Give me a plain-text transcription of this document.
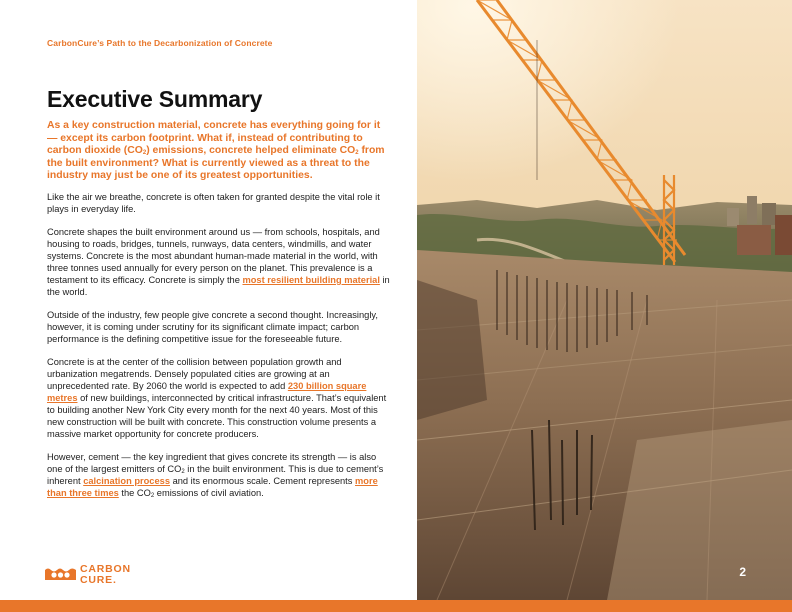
CarbonCure’s Path to the Decarbonization of Concrete
Executive Summary

As a key construction material, concrete has everything going for it — except its carbon footprint. What if, instead of contributing to carbon dioxide $(CO_2)$ emissions, concrete helped eliminate $CO_2$ from the built environment? What is currently viewed as a threat to the industry may just be one of its greatest opportunities.

Like the air we breathe, concrete is often taken for granted despite the vital role it plays in everyday life.

Concrete shapes the built environment around us — from schools, hospitals, and housing to roads, bridges, tunnels, runways, data centers, windmills, and water systems. Concrete is the most abundant human-made material in the world, with three tonnes used annually for every person on the planet. This prevalence is a testament to its efficacy. Concrete is simply the most resilient building material in the world.

Outside of the industry, few people give concrete a second thought. Increasingly, however, it is coming under scrutiny for its significant climate impact; carbon performance is the defining competitive issue for the foreseeable future.

Concrete is at the center of the collision between population growth and urbanization megatrends. Densely populated cities are growing at an unprecedented rate. By 2060 the world is expected to add 230 billion square metres of new buildings, interconnected by critical infrastructure. That’s equivalent to building another New York City every month for the next 40 years. Most of this new construction will be built with concrete. This construction volume presents a massive market opportunity for concrete producers.

However, cement — the key ingredient that gives concrete its strength — is also one of the largest emitters of $CO_2$ in the built environment. This is due to cement’s inherent calcination process and its enormous scale. Cement represents more than three times the $CO_2$ emissions of civil aviation.

CARBON
CURE.
2
